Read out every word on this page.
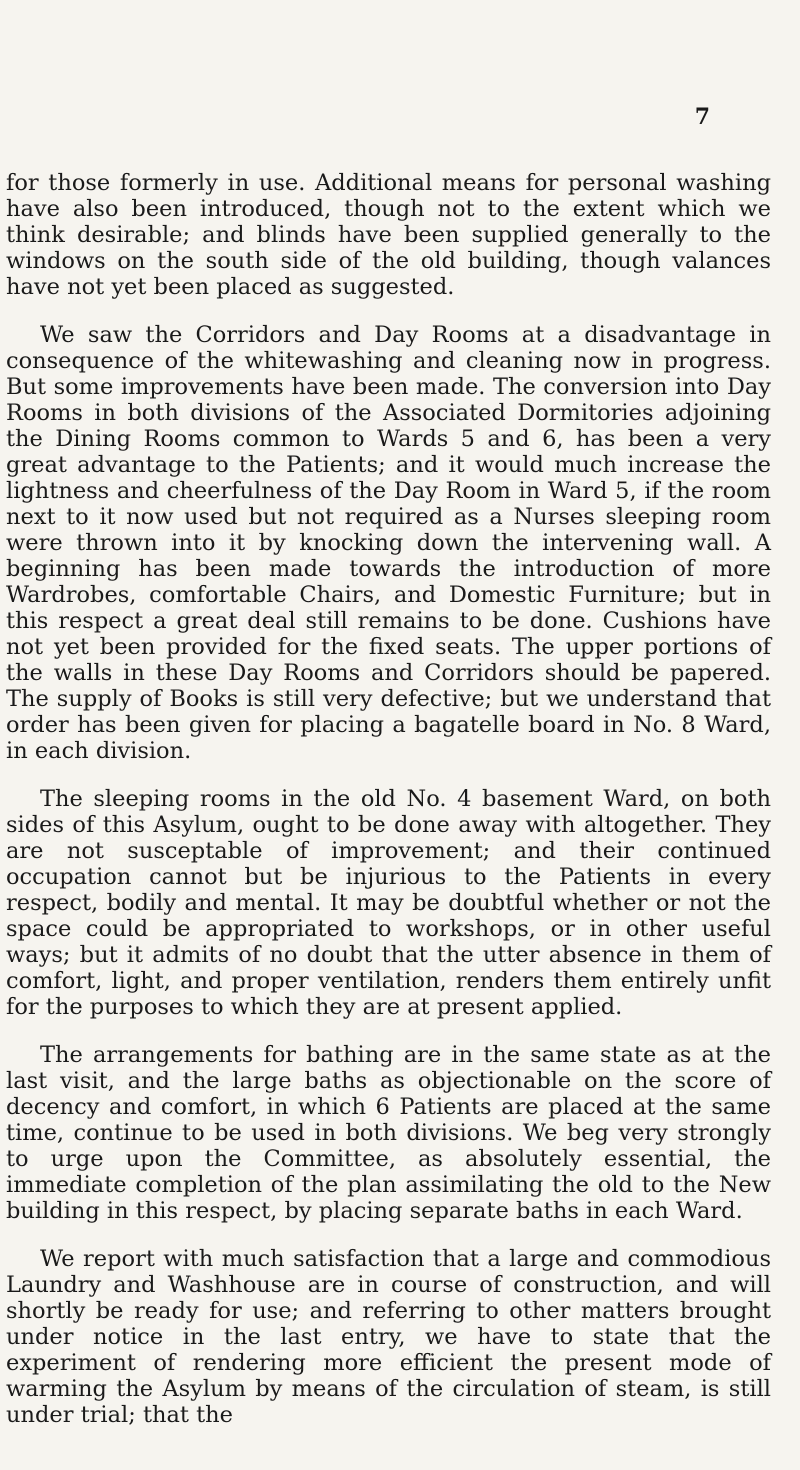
7

for those formerly in use. Additional means for personal washing have also been introduced, though not to the extent which we think desirable; and blinds have been supplied generally to the windows on the south side of the old building, though valances have not yet been placed as suggested.

We saw the Corridors and Day Rooms at a disadvantage in consequence of the whitewashing and cleaning now in progress. But some improvements have been made. The conversion into Day Rooms in both divisions of the Associated Dormitories adjoining the Dining Rooms common to Wards 5 and 6, has been a very great advantage to the Patients; and it would much increase the lightness and cheerfulness of the Day Room in Ward 5, if the room next to it now used but not required as a Nurses sleeping room were thrown into it by knocking down the intervening wall. A beginning has been made towards the introduction of more Wardrobes, comfortable Chairs, and Domestic Furniture; but in this respect a great deal still remains to be done. Cushions have not yet been provided for the fixed seats. The upper portions of the walls in these Day Rooms and Corridors should be papered. The supply of Books is still very defective; but we understand that order has been given for placing a bagatelle board in No. 8 Ward, in each division.

The sleeping rooms in the old No. 4 basement Ward, on both sides of this Asylum, ought to be done away with altogether. They are not susceptable of improvement; and their continued occupation cannot but be injurious to the Patients in every respect, bodily and mental. It may be doubtful whether or not the space could be appropriated to workshops, or in other useful ways; but it admits of no doubt that the utter absence in them of comfort, light, and proper ventilation, renders them entirely unfit for the purposes to which they are at present applied.

The arrangements for bathing are in the same state as at the last visit, and the large baths as objectionable on the score of decency and comfort, in which 6 Patients are placed at the same time, continue to be used in both divisions. We beg very strongly to urge upon the Committee, as absolutely essential, the immediate completion of the plan assimilating the old to the New building in this respect, by placing separate baths in each Ward.

We report with much satisfaction that a large and commodious Laundry and Washhouse are in course of construction, and will shortly be ready for use; and referring to other matters brought under notice in the last entry, we have to state that the experiment of rendering more efficient the present mode of warming the Asylum by means of the circulation of steam, is still under trial; that the
